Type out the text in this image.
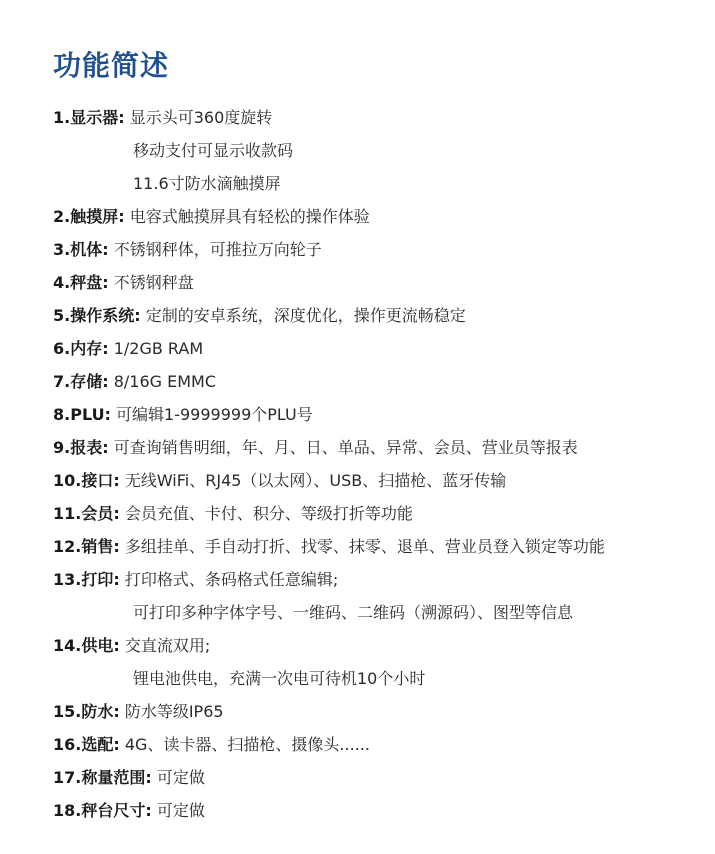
功能简述
1.显示器: 显示头可360度旋转
移动支付可显示收款码
11.6寸防水滴触摸屏
2.触摸屏: 电容式触摸屏具有轻松的操作体验
3.机体: 不锈钢秤体，可推拉万向轮子
4.秤盘: 不锈钢秤盘
5.操作系统: 定制的安卓系统，深度优化，操作更流畅稳定
6.内存: 1/2GB RAM
7.存储: 8/16G EMMC
8.PLU: 可编辑1-9999999个PLU号
9.报表: 可查询销售明细，年、月、日、单品、异常、会员、营业员等报表
10.接口: 无线WiFi、RJ45（以太网）、USB、扫描枪、蓝牙传输
11.会员: 会员充值、卡付、积分、等级打折等功能
12.销售: 多组挂单、手自动打折、找零、抹零、退单、营业员登入锁定等功能
13.打印: 打印格式、条码格式任意编辑;
可打印多种字体字号、一维码、二维码（溯源码）、图型等信息
14.供电: 交直流双用;
锂电池供电，充满一次电可待机10个小时
15.防水: 防水等级IP65
16.选配: 4G、读卡器、扫描枪、摄像头......
17.称量范围: 可定做
18.秤台尺寸: 可定做
